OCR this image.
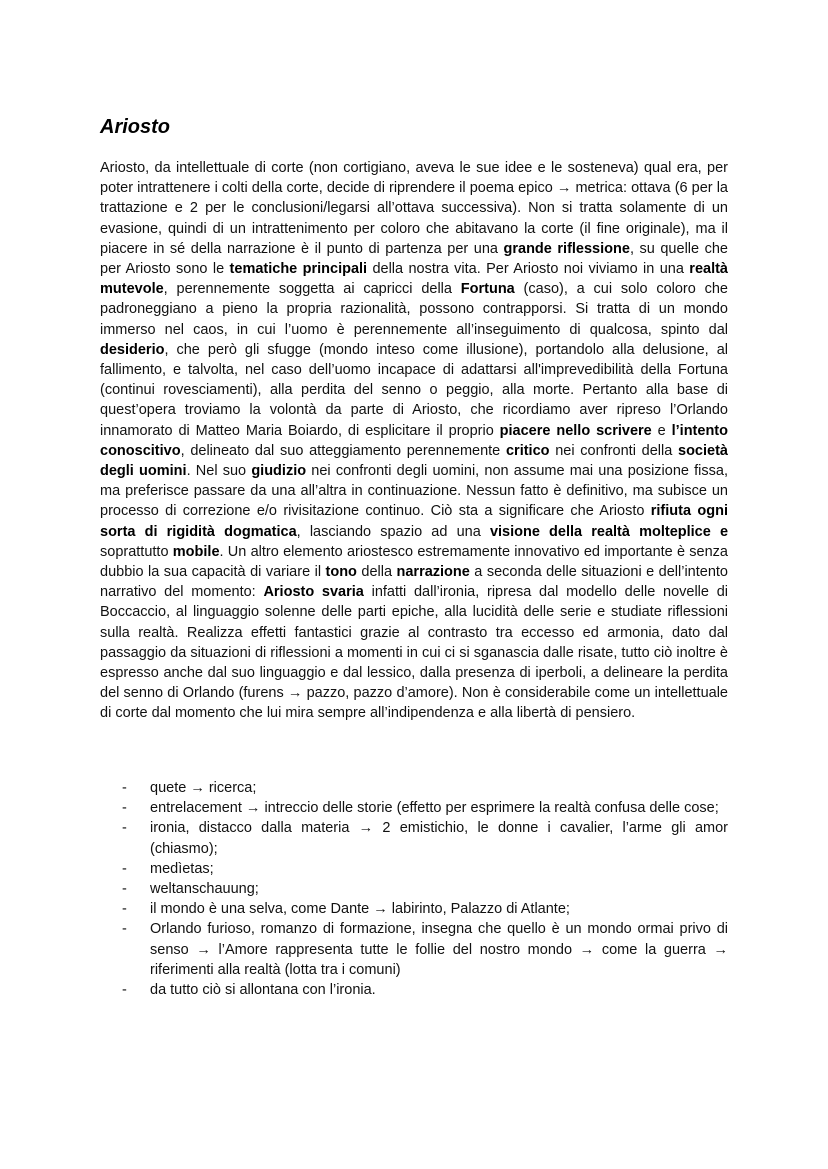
Ariosto

Ariosto, da intellettuale di corte (non cortigiano, aveva le sue idee e le sosteneva) qual era, per poter intrattenere i colti della corte, decide di riprendere il poema epico → metrica: ottava (6 per la trattazione e 2 per le conclusioni/legarsi all’ottava successiva). Non si tratta solamente di un evasione, quindi di un intrattenimento per coloro che abitavano la corte (il fine originale), ma il piacere in sé della narrazione è il punto di partenza per una grande riflessione, su quelle che per Ariosto sono le tematiche principali della nostra vita. Per Ariosto noi viviamo in una realtà mutevole, perennemente soggetta ai capricci della Fortuna (caso), a cui solo coloro che padroneggiano a pieno la propria razionalità, possono contrapporsi. Si tratta di un mondo immerso nel caos, in cui l’uomo è perennemente all’inseguimento di qualcosa, spinto dal desiderio, che però gli sfugge (mondo inteso come illusione), portandolo alla delusione, al fallimento, e talvolta, nel caso dell’uomo incapace di adattarsi all'imprevedibilità della Fortuna (continui rovesciamenti), alla perdita del senno o peggio, alla morte. Pertanto alla base di quest’opera troviamo la volontà da parte di Ariosto, che ricordiamo aver ripreso l’Orlando innamorato di Matteo Maria Boiardo, di esplicitare il proprio piacere nello scrivere e l’intento conoscitivo, delineato dal suo atteggiamento perennemente critico nei confronti della società degli uomini. Nel suo giudizio nei confronti degli uomini, non assume mai una posizione fissa, ma preferisce passare da una all’altra in continuazione. Nessun fatto è definitivo, ma subisce un processo di correzione e/o rivisitazione continuo. Ciò sta a significare che Ariosto rifiuta ogni sorta di rigidità dogmatica, lasciando spazio ad una visione della realtà molteplice e soprattutto mobile. Un altro elemento ariostesco estremamente innovativo ed importante è senza dubbio la sua capacità di variare il tono della narrazione a seconda delle situazioni e dell’intento narrativo del momento: Ariosto svaria infatti dall’ironia, ripresa dal modello delle novelle di Boccaccio, al linguaggio solenne delle parti epiche, alla lucidità delle serie e studiate riflessioni sulla realtà. Realizza effetti fantastici grazie al contrasto tra eccesso ed armonia, dato dal passaggio da situazioni di riflessioni a momenti in cui ci si sganascia dalle risate, tutto ciò inoltre è espresso anche dal suo linguaggio e dal lessico, dalla presenza di iperboli, a delineare la perdita del senno di Orlando (furens → pazzo, pazzo d’amore). Non è considerabile come un intellettuale di corte dal momento che lui mira sempre all’indipendenza e alla libertà di pensiero.

- quete → ricerca;
- entrelacement → intreccio delle storie (effetto per esprimere la realtà confusa delle cose;
- ironia, distacco dalla materia → 2 emistichio, le donne i cavalier, l’arme gli amor (chiasmo);
- medìetas;
- weltanschauung;
- il mondo è una selva, come Dante → labirinto, Palazzo di Atlante;
- Orlando furioso, romanzo di formazione, insegna che quello è un mondo ormai privo di senso → l’Amore rappresenta tutte le follie del nostro mondo → come la guerra → riferimenti alla realtà (lotta tra i comuni)
- da tutto ciò si allontana con l’ironia.
